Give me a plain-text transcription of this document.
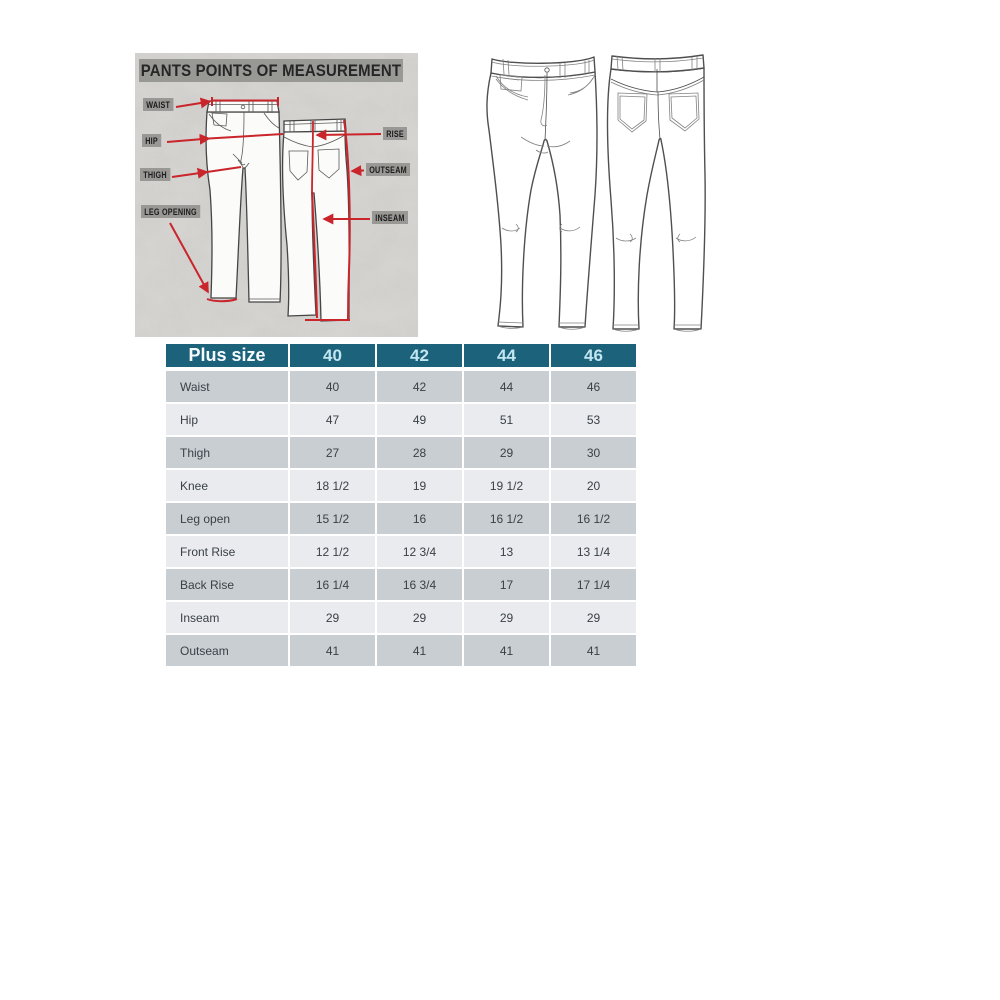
PANTS POINTS OF MEASUREMENT
WAIST
HIP
THIGH
LEG OPENING
RISE
OUTSEAM
INSEAM
Plus size	40	42	44	46
Waist	40	42	44	46
Hip	47	49	51	53
Thigh	27	28	29	30
Knee	18 1/2	19	19 1/2	20
Leg open	15 1/2	16	16 1/2	16 1/2
Front Rise	12 1/2	12 3/4	13	13 1/4
Back Rise	16 1/4	16 3/4	17	17 1/4
Inseam	29	29	29	29
Outseam	41	41	41	41
